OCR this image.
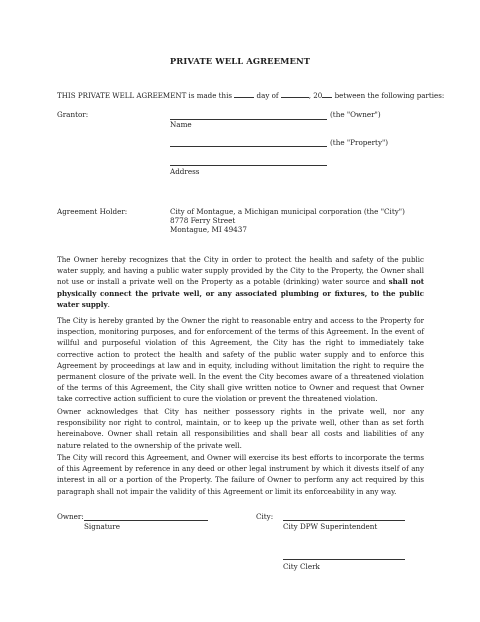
PRIVATE WELL AGREEMENT
THIS PRIVATE WELL AGREEMENT is made this	day of	, 20 between the following parties:
Grantor:	(the "Owner")
Name
(the "Property")
Address
Agreement Holder:	City of Montague, a Michigan municipal corporation (the "City")
8778 Ferry Street
Montague, MI 49437
The Owner hereby recognizes that the City in order to protect the health and safety of the public water supply, and having a public water supply provided by the City to the Property, the Owner shall not use or install a private well on the Property as a potable (drinking) water source and shall not physically connect the private well, or any associated plumbing or fixtures, to the public water supply.
The City is hereby granted by the Owner the right to reasonable entry and access to the Property for inspection, monitoring purposes, and for enforcement of the terms of this Agreement. In the event of willful and purposeful violation of this Agreement, the City has the right to immediately take corrective action to protect the health and safety of the public water supply and to enforce this Agreement by proceedings at law and in equity, including without limitation the right to require the permanent closure of the private well. In the event the City becomes aware of a threatened violation of the terms of this Agreement, the City shall give written notice to Owner and request that Owner take corrective action sufficient to cure the violation or prevent the threatened violation.
Owner acknowledges that City has neither possessory rights in the private well, nor any responsibility nor right to control, maintain, or to keep up the private well, other than as set forth hereinabove. Owner shall retain all responsibilities and shall bear all costs and liabilities of any nature related to the ownership of the private well.
The City will record this Agreement, and Owner will exercise its best efforts to incorporate the terms of this Agreement by reference in any deed or other legal instrument by which it divests itself of any interest in all or a portion of the Property. The failure of Owner to perform any act required by this paragraph shall not impair the validity of this Agreement or limit its enforceability in any way.
Owner:
Signature
City:
City DPW Superintendent
City Clerk
